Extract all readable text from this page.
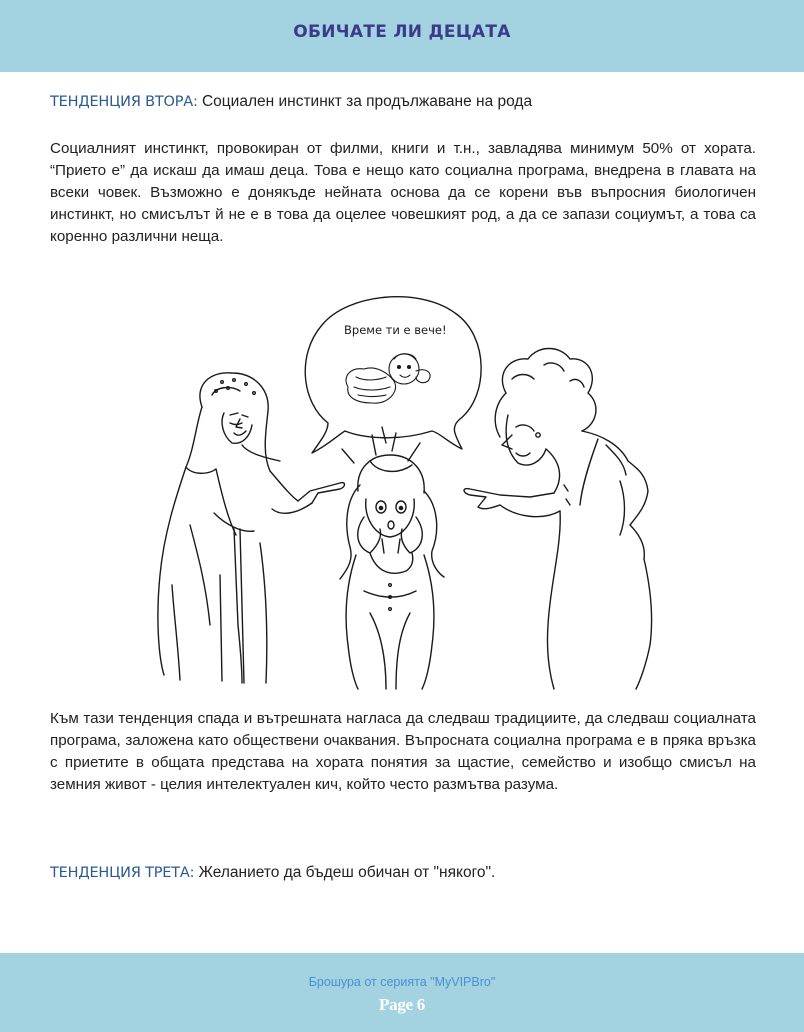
ОБИЧАТЕ ЛИ ДЕЦАТА
ТЕНДЕНЦИЯ ВТОРА: Социален инстинкт за продължаване на рода

Социалният инстинкт, провокиран от филми, книги и т.н., завладява минимум 50% от хората. “Прието е” да искаш да имаш деца. Това е нещо като социална програма, внедрена в главата на всеки човек. Възможно е донякъде нейната основа да се корени във въпросния биологичен инстинкт, но смисълът й не е в това да оцелее човешкият род, а да се запази социумът, а това са коренно различни неща.

Време ти е вече!

Към тази тенденция спада и вътрешната нагласа да следваш традициите, да следваш социалната програма, заложена като обществени очаквания. Въпросната социална програма е в пряка връзка с приетите в общата представа на хората понятия за щастие, семейство и изобщо смисъл на земния живот - целия интелектуален кич, който често размътва разума.

ТЕНДЕНЦИЯ ТРЕТА: Желанието да бъдеш обичан от "някого".
Брошура от серията "MyVIPBro"
Page 6
